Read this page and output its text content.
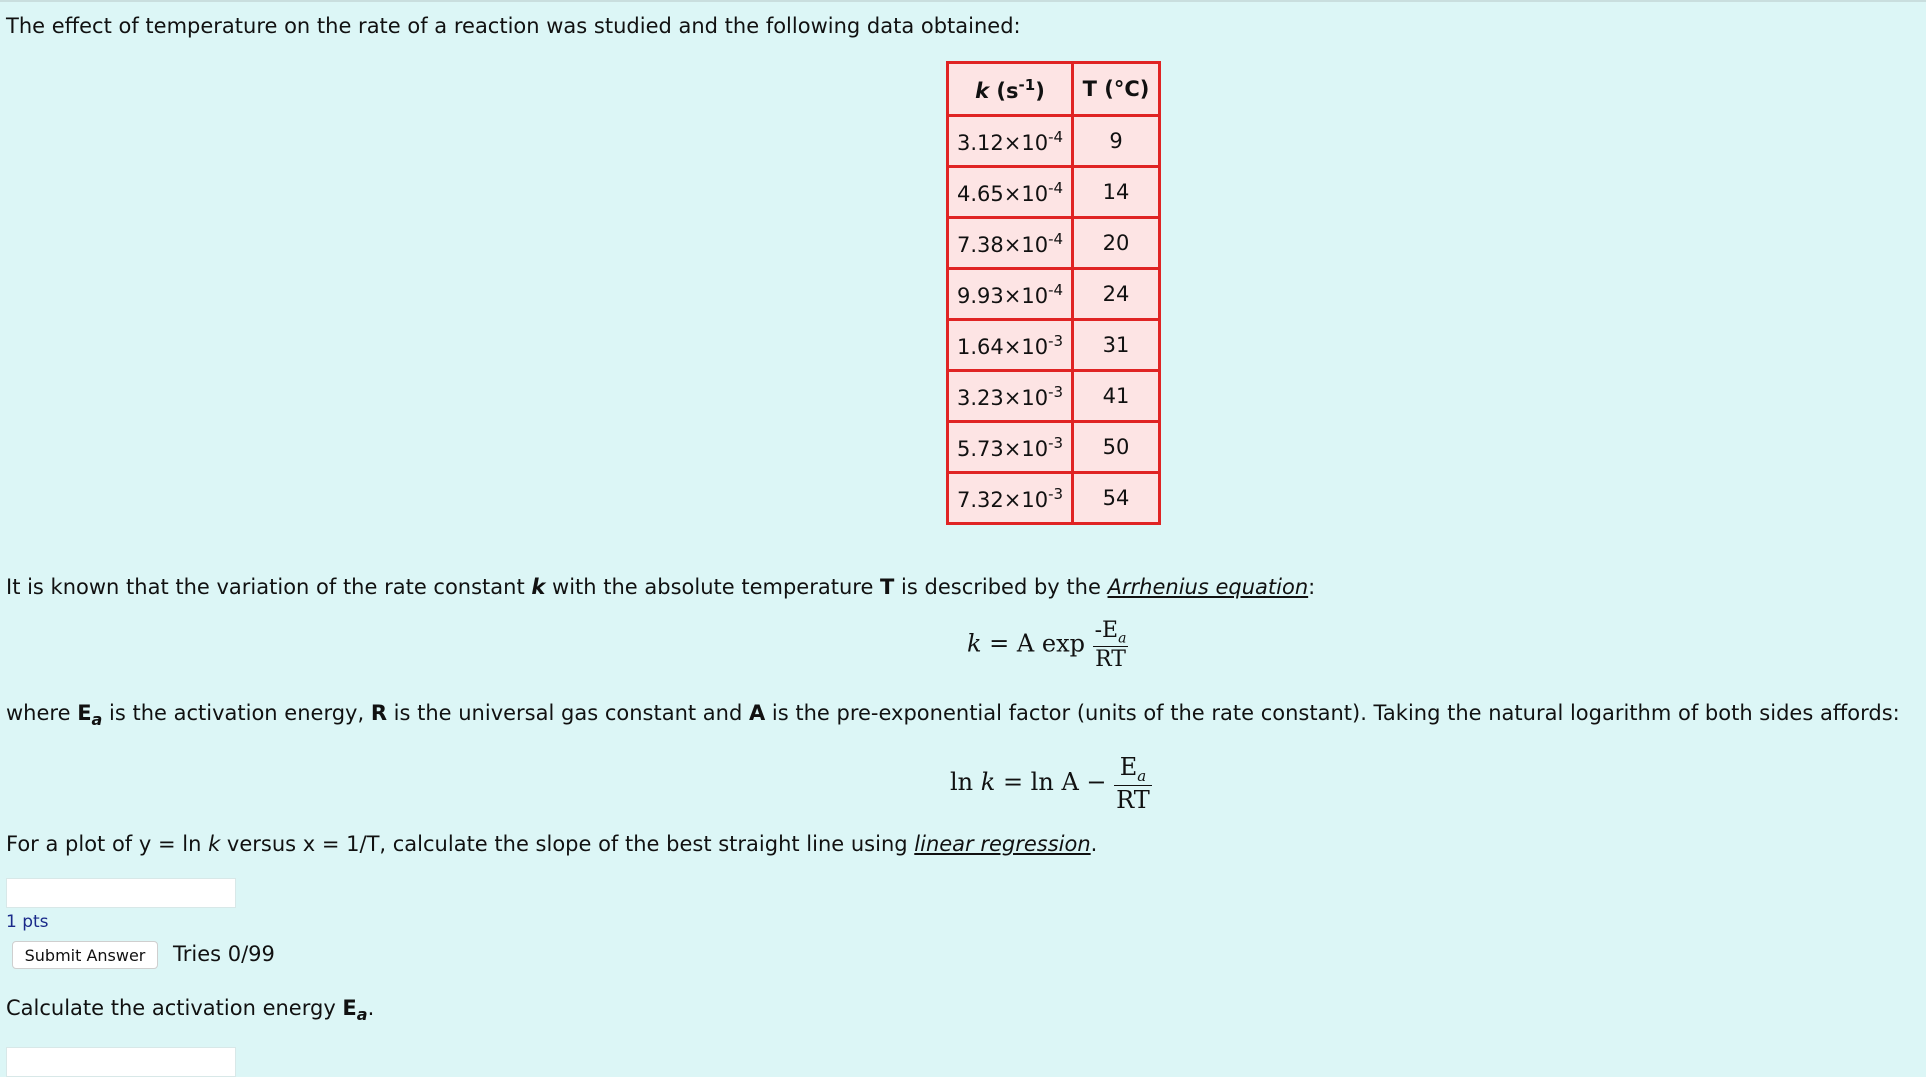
The effect of temperature on the rate of a reaction was studied and the following data obtained:
k $(s^{-1})$	T (°C)
$3.12\times 10^{-4}$	9
$4.65\times 10^{-4}$	14
$7.38\times 10^{-4}$	20
$9.93\times 10^{-4}$	24
$1.64\times 10^{-3}$	31
$3.23\times 10^{-3}$	41
$5.73\times 10^{-3}$	50
$7.32\times 10^{-3}$	54
It is known that the variation of the rate constant k with the absolute temperature T is described by the Arrhenius equation:
k = A $\exp \frac{-E_a}{RT}$
where $E_a$ is the activation energy, R is the universal gas constant and A is the pre-exponential factor (units of the rate constant). Taking the natural logarithm of both sides affords:
$\ln k = \ln A - \frac{E_a}{RT}$
For a plot of y = ln k versus x = 1/T, calculate the slope of the best straight line using linear regression.
1 pts
Submit Answer	Tries 0/99
Calculate the activation energy $E_a$.
